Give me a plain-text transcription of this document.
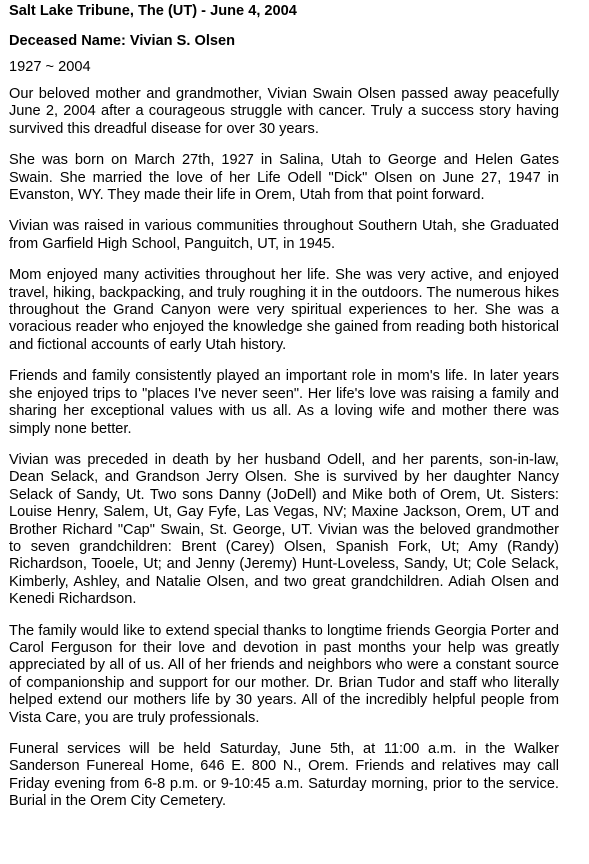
Salt Lake Tribune, The (UT) - June 4, 2004
Deceased Name: Vivian S. Olsen
1927 ~ 2004

Our beloved mother and grandmother, Vivian Swain Olsen passed away peacefully June 2, 2004 after a courageous struggle with cancer. Truly a success story having survived this dreadful disease for over 30 years.

She was born on March 27th, 1927 in Salina, Utah to George and Helen Gates Swain. She married the love of her Life Odell "Dick" Olsen on June 27, 1947 in Evanston, WY. They made their life in Orem, Utah from that point forward.

Vivian was raised in various communities throughout Southern Utah, she Graduated from Garfield High School, Panguitch, UT, in 1945.

Mom enjoyed many activities throughout her life. She was very active, and enjoyed travel, hiking, backpacking, and truly roughing it in the outdoors. The numerous hikes throughout the Grand Canyon were very spiritual experiences to her. She was a voracious reader who enjoyed the knowledge she gained from reading both historical and fictional accounts of early Utah history.

Friends and family consistently played an important role in mom's life. In later years she enjoyed trips to "places I've never seen". Her life's love was raising a family and sharing her exceptional values with us all. As a loving wife and mother there was simply none better.

Vivian was preceded in death by her husband Odell, and her parents, son-in-law, Dean Selack, and Grandson Jerry Olsen. She is survived by her daughter Nancy Selack of Sandy, Ut. Two sons Danny (JoDell) and Mike both of Orem, Ut. Sisters: Louise Henry, Salem, Ut, Gay Fyfe, Las Vegas, NV; Maxine Jackson, Orem, UT and Brother Richard "Cap" Swain, St. George, UT. Vivian was the beloved grandmother to seven grandchildren: Brent (Carey) Olsen, Spanish Fork, Ut; Amy (Randy) Richardson, Tooele, Ut; and Jenny (Jeremy) Hunt-Loveless, Sandy, Ut; Cole Selack, Kimberly, Ashley, and Natalie Olsen, and two great grandchildren. Adiah Olsen and Kenedi Richardson.

The family would like to extend special thanks to longtime friends Georgia Porter and Carol Ferguson for their love and devotion in past months your help was greatly appreciated by all of us. All of her friends and neighbors who were a constant source of companionship and support for our mother. Dr. Brian Tudor and staff who literally helped extend our mothers life by 30 years. All of the incredibly helpful people from Vista Care, you are truly professionals.

Funeral services will be held Saturday, June 5th, at 11:00 a.m. in the Walker Sanderson Funereal Home, 646 E. 800 N., Orem. Friends and relatives may call Friday evening from 6-8 p.m. or 9-10:45 a.m. Saturday morning, prior to the service. Burial in the Orem City Cemetery.
